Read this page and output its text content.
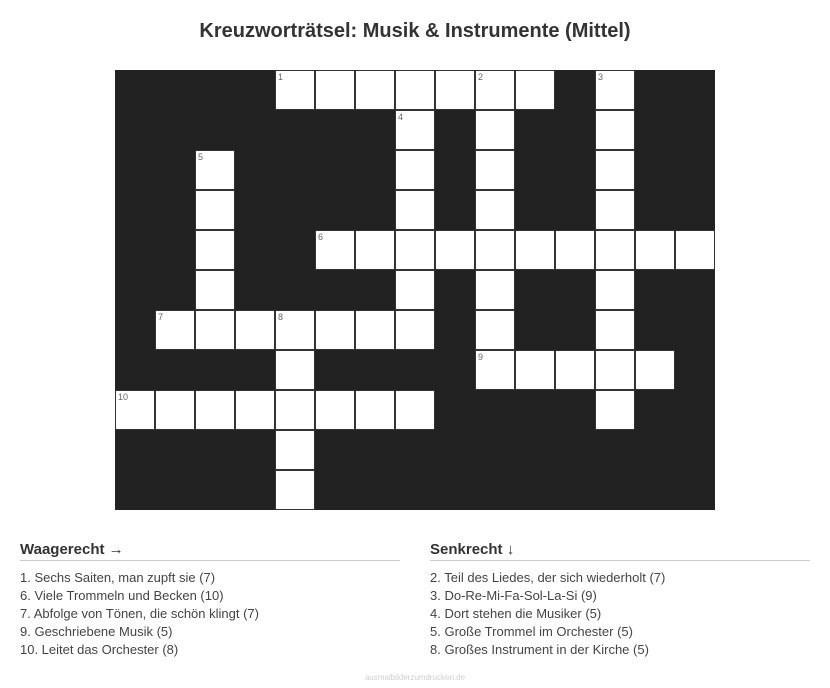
Kreuzworträtsel: Musik & Instrumente (Mittel)
1	2	3
4
5
6
7	8
9
10
Waagerecht →
1. Sechs Saiten, man zupft sie (7)
6. Viele Trommeln und Becken (10)
7. Abfolge von Tönen, die schön klingt (7)
9. Geschriebene Musik (5)
10. Leitet das Orchester (8)
Senkrecht ↓
2. Teil des Liedes, der sich wiederholt (7)
3. Do-Re-Mi-Fa-Sol-La-Si (9)
4. Dort stehen die Musiker (5)
5. Große Trommel im Orchester (5)
8. Großes Instrument in der Kirche (5)
ausmalbilderzumdrucken.de
